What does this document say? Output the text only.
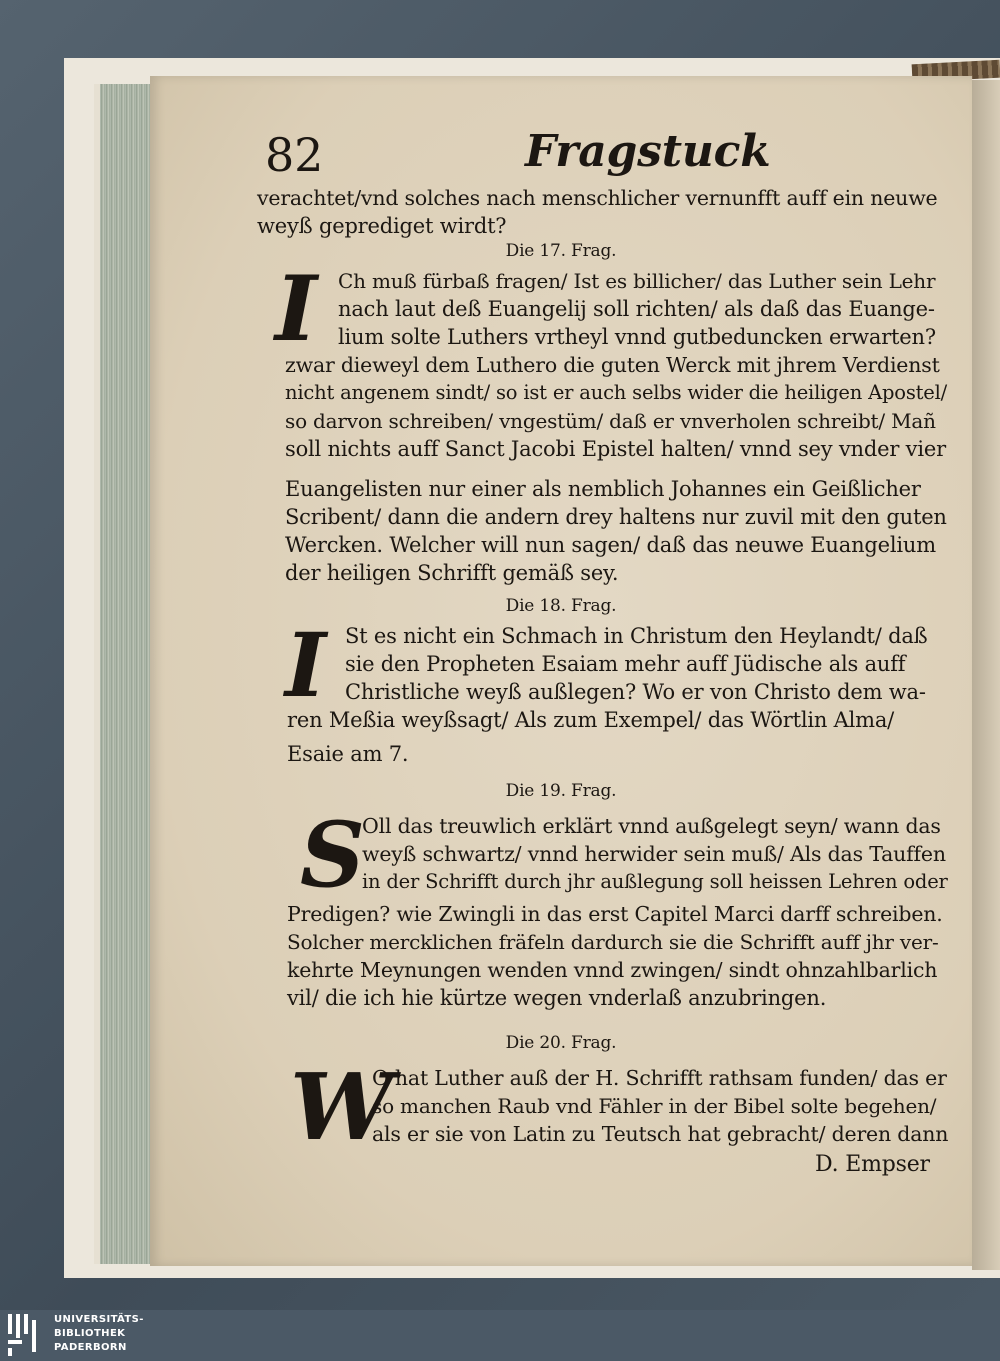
82	Fragstuck
verachtet/vnd solches nach menschlicher vernunfft auff ein neuwe
weyß geprediget wirdt?
Die 17. Frag.
I Ch muß fürbaß fragen/ Ist es billicher/ das Luther sein Lehr
nach laut deß Euangelij soll richten/ als daß das Euange-
lium solte Luthers vrtheyl vnnd gutbeduncken erwarten?
zwar dieweyl dem Luthero die guten Werck mit jhrem Verdienst
nicht angenem sindt/ so ist er auch selbs wider die heiligen Apostel/
so darvon schreiben/ vngestüm/ daß er vnverholen schreibt/ Mañ
soll nichts auff Sanct Jacobi Epistel halten/ vnnd sey vnder vier
Euangelisten nur einer als nemblich Johannes ein Geißlicher
Scribent/ dann die andern drey haltens nur zuvil mit den guten
Wercken. Welcher will nun sagen/ daß das neuwe Euangelium
der heiligen Schrifft gemäß sey.
Die 18. Frag.
I St es nicht ein Schmach in Christum den Heylandt/ daß
sie den Propheten Esaiam mehr auff Jüdische als auff
Christliche weyß außlegen? Wo er von Christo dem wa-
ren Meßia weyßsagt/ Als zum Exempel/ das Wörtlin Alma/
Esaie am 7.
Die 19. Frag.
S
Oll das treuwlich erklärt vnnd außgelegt seyn/ wann das
weyß schwartz/ vnnd herwider sein muß/ Als das Tauffen
in der Schrifft durch jhr außlegung soll heissen Lehren oder
Predigen? wie Zwingli in das erst Capitel Marci darff schreiben.
Solcher mercklichen fräfeln dardurch sie die Schrifft auff jhr ver-
kehrte Meynungen wenden vnnd zwingen/ sindt ohnzahlbarlich
vil/ die ich hie kürtze wegen vnderlaß anzubringen.
Die 20. Frag.
W
O hat Luther auß der H. Schrifft rathsam funden/ das er
so manchen Raub vnd Fähler in der Bibel solte begehen/
als er sie von Latin zu Teutsch hat gebracht/ deren dann
D. Empser
UNIVERSITÄTS-
BIBLIOTHEK
PADERBORN
